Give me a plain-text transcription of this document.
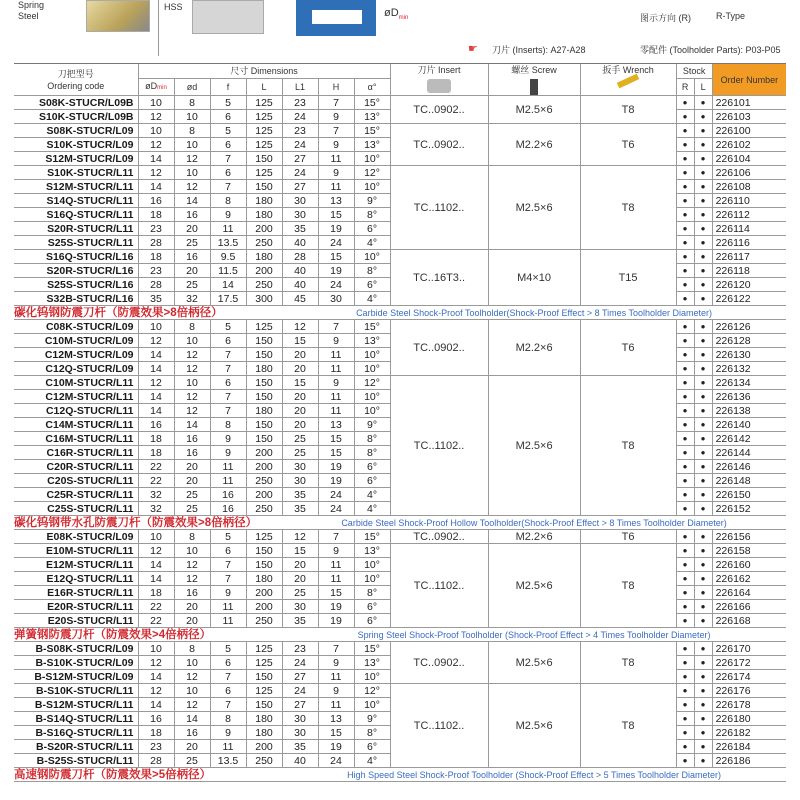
Spring
Steel
HSS	$øD_{min}$	图示方向 (R)	R-Type
☛ 刀片 (Inserts): A27-A28	零配件 (Toolholder Parts): P03-P05
刀把型号
Ordering code	尺寸 Dimensions							刀片 Insert	螺丝 Screw	扳手 Wrench	Stock		Order Number
	øDmin	ød	f	L	L1	H	α°				R	L	
S08K-STUCR/L09B	10	8	5	125	23	7	15°	TC..0902..	M2.5×6	T8	●	●	226101
S10K-STUCR/L09B	12	10	6	125	24	9	13°				●	●	226103
S08K-STUCR/L09	10	8	5	125	23	7	15°	TC..0902..	M2.2×6	T6	●	●	226100
S10K-STUCR/L09	12	10	6	125	24	9	13°				●	●	226102
S12M-STUCR/L09	14	12	7	150	27	11	10°				●	●	226104
S10K-STUCR/L11	12	10	6	125	24	9	12°	TC..1102..	M2.5×6	T8	●	●	226106
S12M-STUCR/L11	14	12	7	150	27	11	10°				●	●	226108
S14Q-STUCR/L11	16	14	8	180	30	13	9°				●	●	226110
S16Q-STUCR/L11	18	16	9	180	30	15	8°				●	●	226112
S20R-STUCR/L11	23	20	11	200	35	19	6°				●	●	226114
S25S-STUCR/L11	28	25	13.5	250	40	24	4°				●	●	226116
S16Q-STUCR/L16	18	16	9.5	180	28	15	10°	TC..16T3..	M4×10	T15	●	●	226117
S20R-STUCR/L16	23	20	11.5	200	40	19	8°				●	●	226118
S25S-STUCR/L16	28	25	14	250	40	24	6°				●	●	226120
S32B-STUCR/L16	35	32	17.5	300	45	30	4°				●	●	226122
碳化钨钢防震刀杆（防震效果>8倍柄径）					Carbide Steel Shock-Proof Toolholder(Shock-Proof Effect > 8 Times Toolholder Diameter)								
C08K-STUCR/L09	10	8	5	125	12	7	15°	TC..0902..	M2.2×6	T6	●	●	226126
C10M-STUCR/L09	12	10	6	150	15	9	13°				●	●	226128
C12M-STUCR/L09	14	12	7	150	20	11	10°				●	●	226130
C12Q-STUCR/L09	14	12	7	180	20	11	10°				●	●	226132
C10M-STUCR/L11	12	10	6	150	15	9	12°	TC..1102..	M2.5×6	T8	●	●	226134
C12M-STUCR/L11	14	12	7	150	20	11	10°				●	●	226136
C12Q-STUCR/L11	14	12	7	180	20	11	10°				●	●	226138
C14M-STUCR/L11	16	14	8	150	20	13	9°				●	●	226140
C16M-STUCR/L11	18	16	9	150	25	15	8°				●	●	226142
C16R-STUCR/L11	18	16	9	200	25	15	8°				●	●	226144
C20R-STUCR/L11	22	20	11	200	30	19	6°				●	●	226146
C20S-STUCR/L11	22	20	11	250	30	19	6°				●	●	226148
C25R-STUCR/L11	32	25	16	200	35	24	4°				●	●	226150
C25S-STUCR/L11	32	25	16	250	35	24	4°				●	●	226152
碳化钨钢带水孔防震刀杆（防震效果>8倍柄径）					Carbide Steel Shock-Proof Hollow Toolholder(Shock-Proof Effect > 8 Times Toolholder Diameter)								
E08K-STUCR/L09	10	8	5	125	12	7	15°	TC..0902..	M2.2×6	T6	●	●	226156
E10M-STUCR/L11	12	10	6	150	15	9	13°	TC..1102..	M2.5×6	T8	●	●	226158
E12M-STUCR/L11	14	12	7	150	20	11	10°				●	●	226160
E12Q-STUCR/L11	14	12	7	180	20	11	10°				●	●	226162
E16R-STUCR/L11	18	16	9	200	25	15	8°				●	●	226164
E20R-STUCR/L11	22	20	11	200	30	19	6°				●	●	226166
E20S-STUCR/L11	22	20	11	250	35	19	6°				●	●	226168
弹簧钢防震刀杆（防震效果>4倍柄径）					Spring Steel Shock-Proof Toolholder (Shock-Proof Effect > 4 Times Toolholder Diameter)								
B-S08K-STUCR/L09	10	8	5	125	23	7	15°	TC..0902..	M2.5×6	T8	●	●	226170
B-S10K-STUCR/L09	12	10	6	125	24	9	13°				●	●	226172
B-S12M-STUCR/L09	14	12	7	150	27	11	10°				●	●	226174
B-S10K-STUCR/L11	12	10	6	125	24	9	12°	TC..1102..	M2.5×6	T8	●	●	226176
B-S12M-STUCR/L11	14	12	7	150	27	11	10°				●	●	226178
B-S14Q-STUCR/L11	16	14	8	180	30	13	9°				●	●	226180
B-S16Q-STUCR/L11	18	16	9	180	30	15	8°				●	●	226182
B-S20R-STUCR/L11	23	20	11	200	35	19	6°				●	●	226184
B-S25S-STUCR/L11	28	25	13.5	250	40	24	4°				●	●	226186
高速钢防震刀杆（防震效果>5倍柄径）					High Speed Steel Shock-Proof Toolholder (Shock-Proof Effect > 5 Times Toolholder Diameter)								
